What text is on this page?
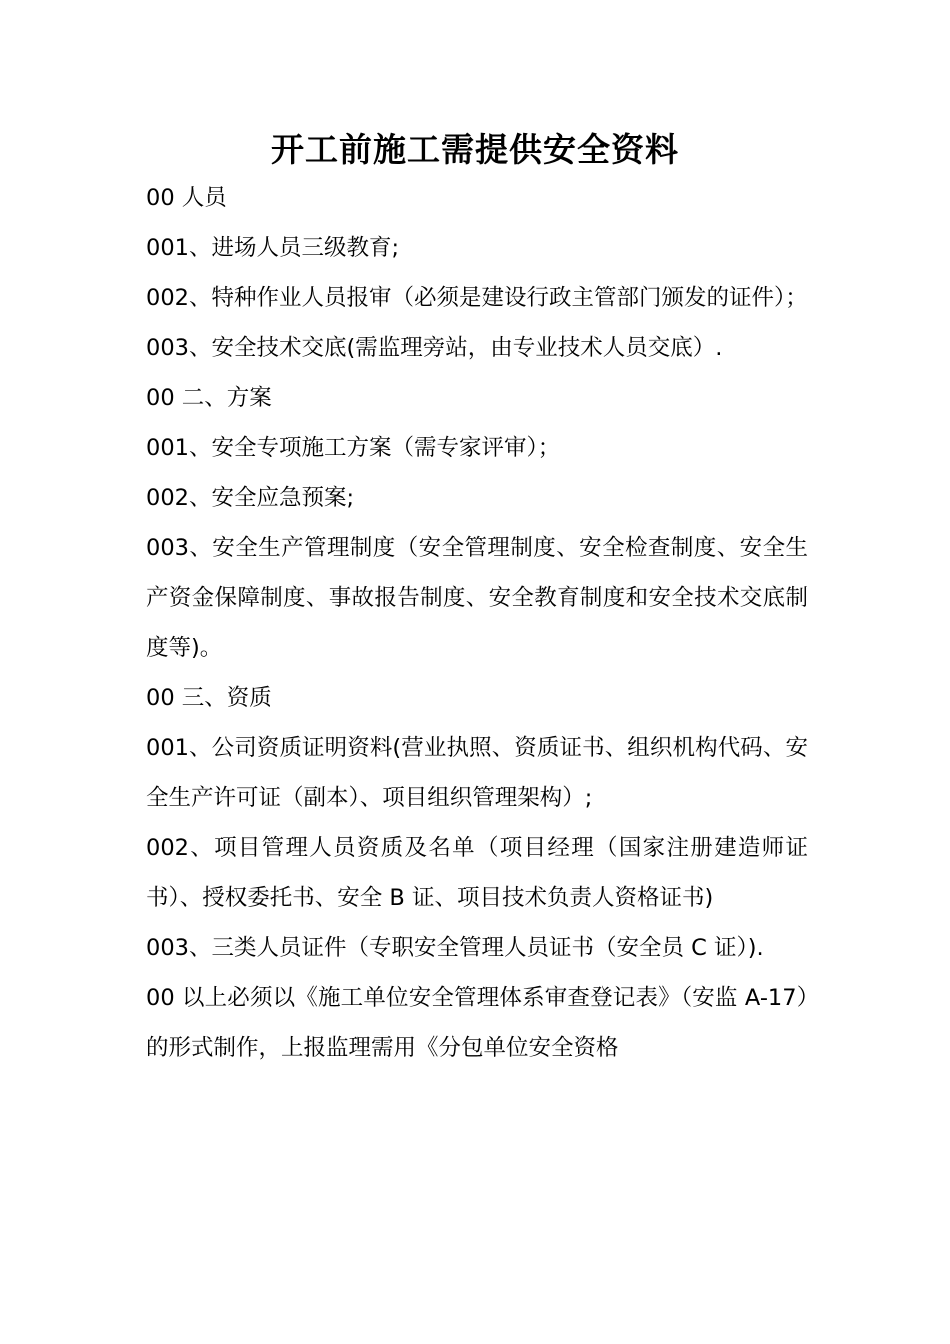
开工前施工需提供安全资料

00 人员

001、进场人员三级教育;

002、特种作业人员报审（必须是建设行政主管部门颁发的证件）；

003、安全技术交底(需监理旁站，由专业技术人员交底）.

00 二、方案

001、安全专项施工方案（需专家评审）；

002、安全应急预案;

003、安全生产管理制度（安全管理制度、安全检查制度、安全生产资金保障制度、事故报告制度、安全教育制度和安全技术交底制度等)。

00 三、资质

001、公司资质证明资料(营业执照、资质证书、组织机构代码、安全生产许可证（副本）、项目组织管理架构）;

002、项目管理人员资质及名单（项目经理（国家注册建造师证书）、授权委托书、安全 B 证、项目技术负责人资格证书)

003、三类人员证件（专职安全管理人员证书（安全员 C 证）).

00 以上必须以《施工单位安全管理体系审查登记表》（安监 A-17）的形式制作，上报监理需用《分包单位安全资格
